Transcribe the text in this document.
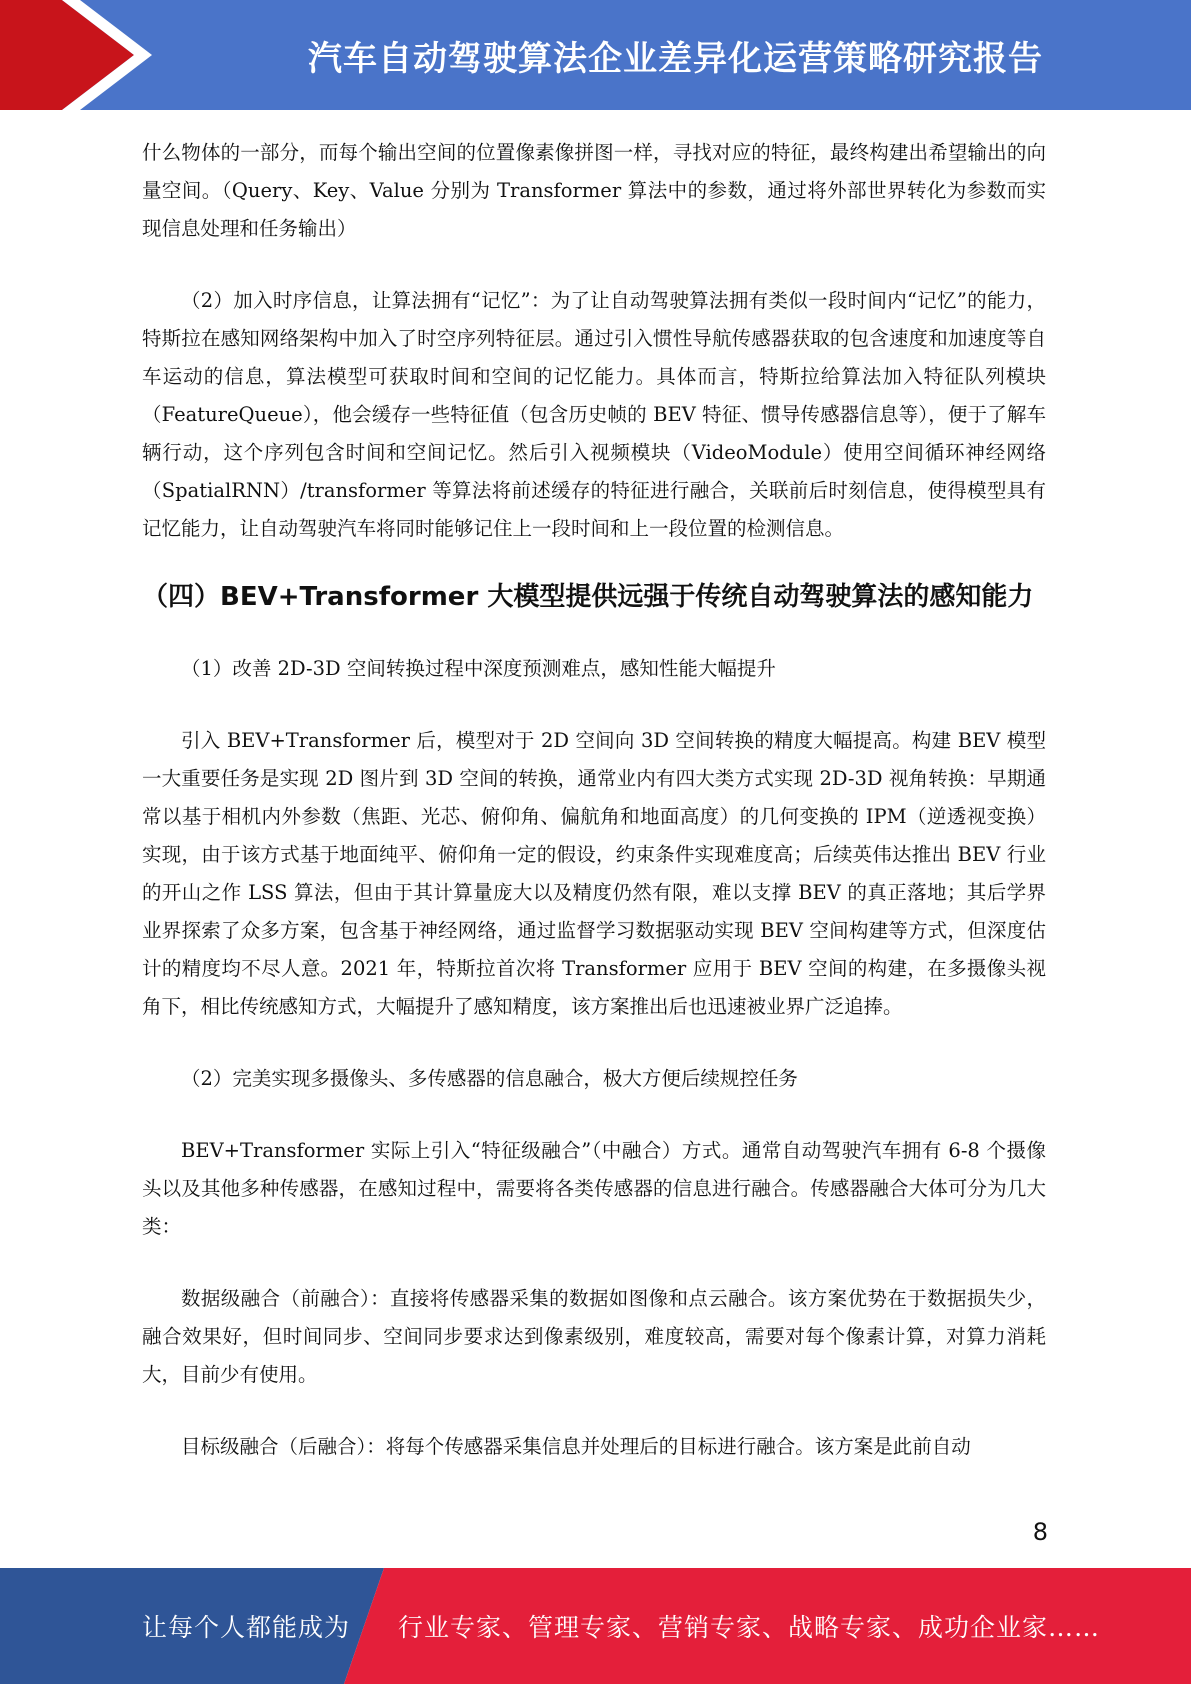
汽车自动驾驶算法企业差异化运营策略研究报告

什么物体的一部分，而每个输出空间的位置像素像拼图一样，寻找对应的特征，最终构建出希望输出的向量空间。（Query、Key、Value 分别为 Transformer 算法中的参数，通过将外部世界转化为参数而实现信息处理和任务输出）

（2）加入时序信息，让算法拥有“记忆”：为了让自动驾驶算法拥有类似一段时间内“记忆”的能力，特斯拉在感知网络架构中加入了时空序列特征层。通过引入惯性导航传感器获取的包含速度和加速度等自车运动的信息，算法模型可获取时间和空间的记忆能力。具体而言，特斯拉给算法加入特征队列模块（FeatureQueue），他会缓存一些特征值（包含历史帧的 BEV 特征、惯导传感器信息等），便于了解车辆行动，这个序列包含时间和空间记忆。然后引入视频模块（VideoModule）使用空间循环神经网络（SpatialRNN）/transformer 等算法将前述缓存的特征进行融合，关联前后时刻信息，使得模型具有记忆能力，让自动驾驶汽车将同时能够记住上一段时间和上一段位置的检测信息。

（四）BEV+Transformer 大模型提供远强于传统自动驾驶算法的感知能力

（1）改善 2D-3D 空间转换过程中深度预测难点，感知性能大幅提升

引入 BEV+Transformer 后，模型对于 2D 空间向 3D 空间转换的精度大幅提高。构建 BEV 模型一大重要任务是实现 2D 图片到 3D 空间的转换，通常业内有四大类方式实现 2D-3D 视角转换：早期通常以基于相机内外参数（焦距、光芯、俯仰角、偏航角和地面高度）的几何变换的 IPM（逆透视变换）实现，由于该方式基于地面纯平、俯仰角一定的假设，约束条件实现难度高；后续英伟达推出 BEV 行业的开山之作 LSS 算法，但由于其计算量庞大以及精度仍然有限，难以支撑 BEV 的真正落地；其后学界业界探索了众多方案，包含基于神经网络，通过监督学习数据驱动实现 BEV 空间构建等方式，但深度估计的精度均不尽人意。2021 年，特斯拉首次将 Transformer 应用于 BEV 空间的构建，在多摄像头视角下，相比传统感知方式，大幅提升了感知精度，该方案推出后也迅速被业界广泛追捧。

（2）完美实现多摄像头、多传感器的信息融合，极大方便后续规控任务

BEV+Transformer 实际上引入“特征级融合”（中融合）方式。通常自动驾驶汽车拥有 6-8 个摄像头以及其他多种传感器，在感知过程中，需要将各类传感器的信息进行融合。传感器融合大体可分为几大类：

数据级融合（前融合）：直接将传感器采集的数据如图像和点云融合。该方案优势在于数据损失少，融合效果好，但时间同步、空间同步要求达到像素级别，难度较高，需要对每个像素计算，对算力消耗大，目前少有使用。

目标级融合（后融合）：将每个传感器采集信息并处理后的目标进行融合。该方案是此前自动

8
让每个人都能成为 行业专家、管理专家、营销专家、战略专家、成功企业家……
